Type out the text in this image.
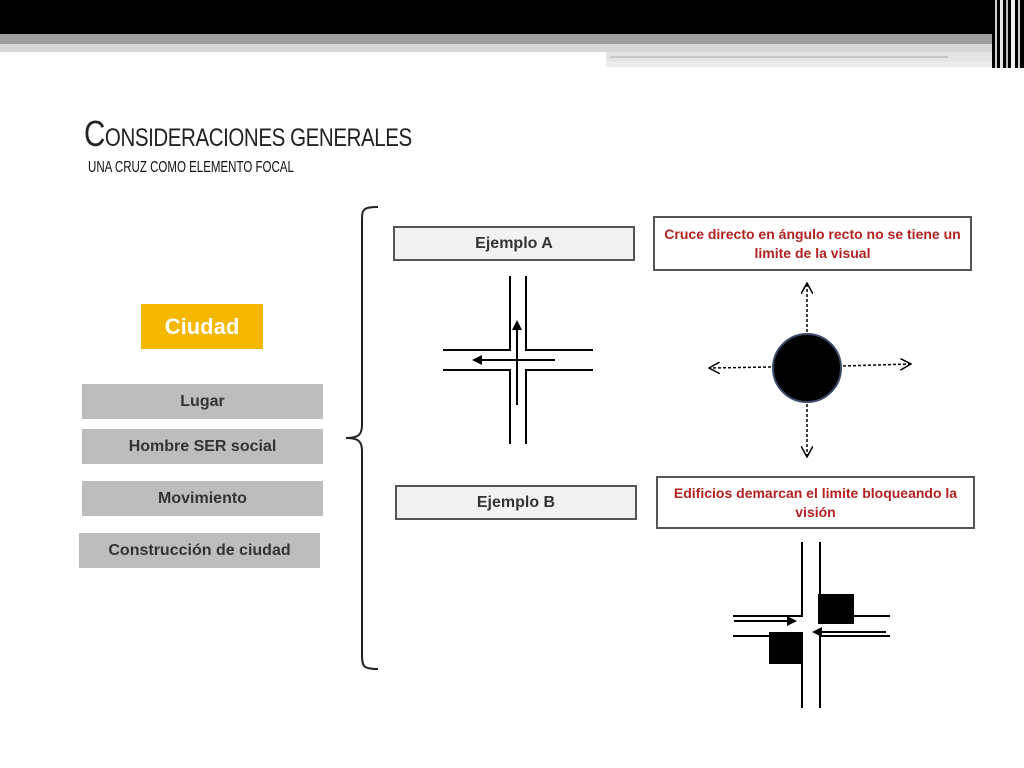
CONSIDERACIONES GENERALES

UNA CRUZ COMO ELEMENTO FOCAL

Ciudad
Lugar
Hombre SER social
Movimiento
Construcción de ciudad
Ejemplo A
Cruce directo en ángulo recto no se tiene un limite de la visual
Ejemplo B
Edificios demarcan el limite bloqueando la visión
